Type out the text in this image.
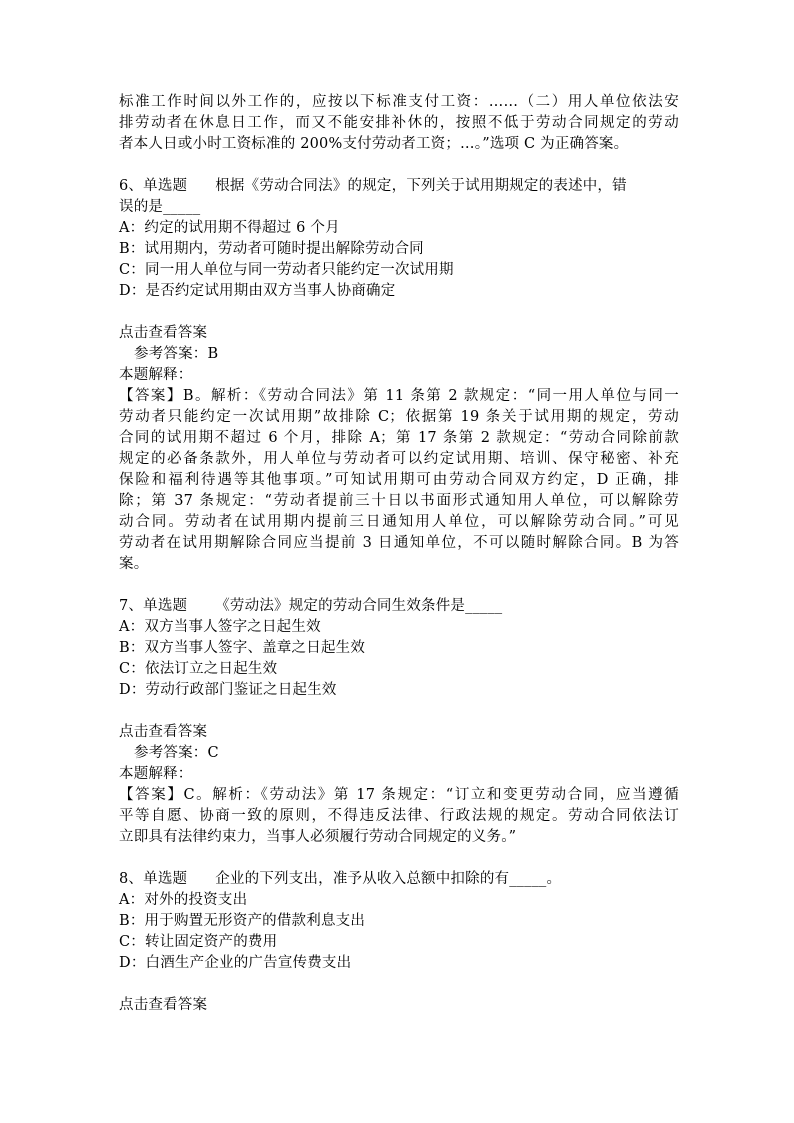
标准工作时间以外工作的，应按以下标准支付工资：……（二）用人单位依法安
排劳动者在休息日工作，而又不能安排补休的，按照不低于劳动合同规定的劳动
者本人日或小时工资标准的 200%支付劳动者工资；…。”选项 C 为正确答案。
6、单选题 根据《劳动合同法》的规定，下列关于试用期规定的表述中，错
误的是_____
A：约定的试用期不得超过 6 个月
B：试用期内，劳动者可随时提出解除劳动合同
C：同一用人单位与同一劳动者只能约定一次试用期
D：是否约定试用期由双方当事人协商确定
点击查看答案
参考答案：B
本题解释：
【答案】B。解析：《劳动合同法》第 11 条第 2 款规定：“同一用人单位与同一
劳动者只能约定一次试用期”故排除 C；依据第 19 条关于试用期的规定，劳动
合同的试用期不超过 6 个月，排除 A；第 17 条第 2 款规定：“劳动合同除前款
规定的必备条款外，用人单位与劳动者可以约定试用期、培训、保守秘密、补充
保险和福利待遇等其他事项。”可知试用期可由劳动合同双方约定，D 正确，排
除；第 37 条规定：“劳动者提前三十日以书面形式通知用人单位，可以解除劳
动合同。劳动者在试用期内提前三日通知用人单位，可以解除劳动合同。”可见
劳动者在试用期解除合同应当提前 3 日通知单位，不可以随时解除合同。B 为答
案。
7、单选题 《劳动法》规定的劳动合同生效条件是_____
A：双方当事人签字之日起生效
B：双方当事人签字、盖章之日起生效
C：依法订立之日起生效
D：劳动行政部门鉴证之日起生效
点击查看答案
参考答案：C
本题解释：
【答案】C。解析：《劳动法》第 17 条规定：“订立和变更劳动合同，应当遵循
平等自愿、协商一致的原则，不得违反法律、行政法规的规定。劳动合同依法订
立即具有法律约束力，当事人必须履行劳动合同规定的义务。”
8、单选题 企业的下列支出，准予从收入总额中扣除的有_____。
A：对外的投资支出
B：用于购置无形资产的借款利息支出
C：转让固定资产的费用
D：白酒生产企业的广告宣传费支出
点击查看答案
